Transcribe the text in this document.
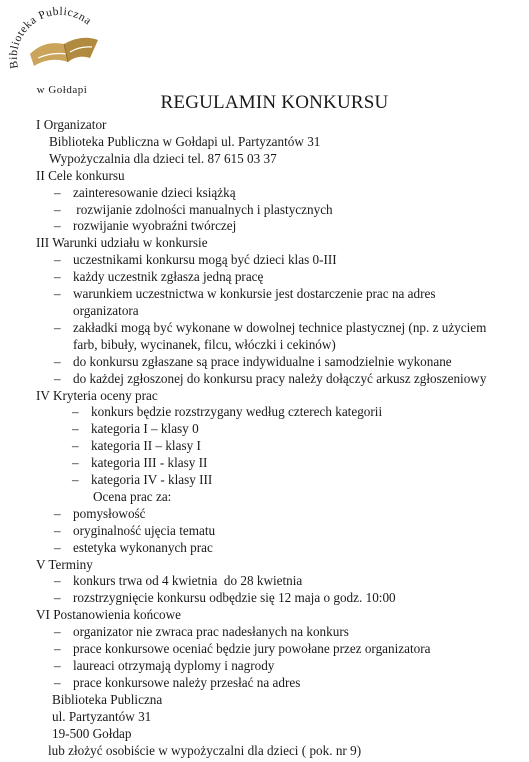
Biblioteka Publiczna
w Gołdapi
REGULAMIN KONKURSU
I Organizator
Biblioteka Publiczna w Gołdapi ul. Partyzantów 31
Wypożyczalnia dla dzieci tel. 87 615 03 37
II Cele konkursu
– zainteresowanie dzieci książką
– rozwijanie zdolności manualnych i plastycznych
– rozwijanie wyobraźni twórczej
III Warunki udziału w konkursie
– uczestnikami konkursu mogą być dzieci klas 0-III
– każdy uczestnik zgłasza jedną pracę
– warunkiem uczestnictwa w konkursie jest dostarczenie prac na adres organizatora
– zakładki mogą być wykonane w dowolnej technice plastycznej (np. z użyciem farb, bibuły, wycinanek, filcu, włóczki i cekinów)
– do konkursu zgłaszane są prace indywidualne i samodzielnie wykonane
– do każdej zgłoszonej do konkursu pracy należy dołączyć arkusz zgłoszeniowy
IV Kryteria oceny prac
– konkurs będzie rozstrzygany według czterech kategorii
– kategoria I – klasy 0
– kategoria II – klasy I
– kategoria III - klasy II
– kategoria IV - klasy III
Ocena prac za:
– pomysłowość
– oryginalność ujęcia tematu
– estetyka wykonanych prac
V Terminy
– konkurs trwa od 4 kwietnia  do 28 kwietnia
– rozstrzygnięcie konkursu odbędzie się 12 maja o godz. 10:00
VI Postanowienia końcowe
– organizator nie zwraca prac nadesłanych na konkurs
– prace konkursowe oceniać będzie jury powołane przez organizatora
– laureaci otrzymają dyplomy i nagrody
– prace konkursowe należy przesłać na adres
Biblioteka Publiczna
ul. Partyzantów 31
19-500 Gołdap
lub złożyć osobiście w wypożyczalni dla dzieci ( pok. nr 9)
